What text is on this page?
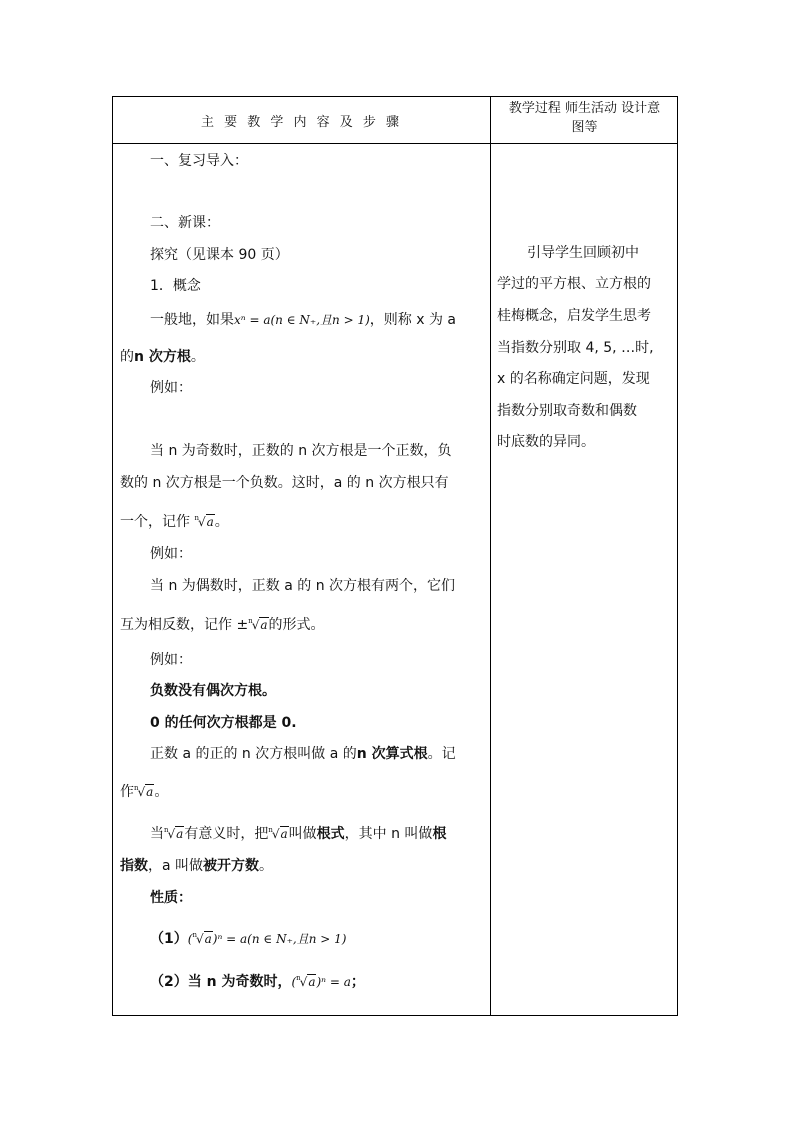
主 要 教 学 内 容 及 步 骤
教学过程 师生活动 设计意
图等
一、复习导入：
二、新课：
探究（见课本 90 页）
1．概念
一般地，如果xⁿ = a(n ∈ N₊,且n > 1)，则称 x 为 a
的n 次方根。
例如：
当 n 为奇数时，正数的 n 次方根是一个正数，负
数的 n 次方根是一个负数。这时，a 的 n 次方根只有
一个，记作 $^n$√a。
例如：
当 n 为偶数时，正数 a 的 n 次方根有两个，它们
互为相反数，记作 ±$^n$√a的形式。
例如：
负数没有偶次方根。
0 的任何次方根都是 0.
正数 a 的正的 n 次方根叫做 a 的n 次算式根。记
作$^n$√a。
当$^n$√a有意义时，把$^n$√a叫做根式，其中 n 叫做根
指数，a 叫做被开方数。
性质：
（1）($^n$√a)ⁿ = a(n ∈ N₊,且n > 1)
（2）当 n 为奇数时，($^n$√a)ⁿ = a；
引导学生回顾初中
学过的平方根、立方根的
桂梅概念，启发学生思考
当指数分别取 4, 5, …时,
x 的名称确定问题，发现
指数分别取奇数和偶数
时底数的异同。
